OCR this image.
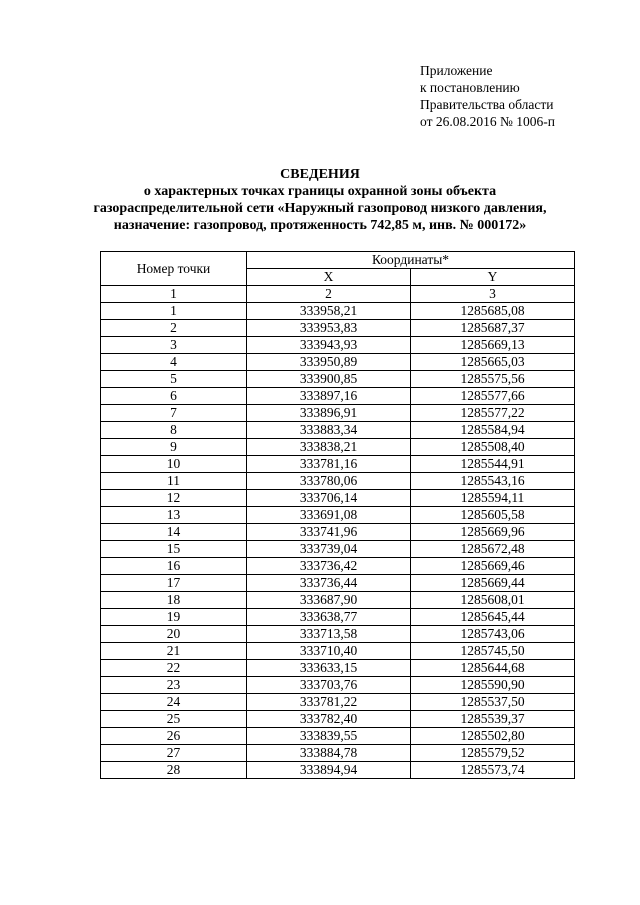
Приложение
к постановлению
Правительства области
от 26.08.2016 № 1006-п
СВЕДЕНИЯ
о характерных точках границы охранной зоны объекта
газораспределительной сети «Наружный газопровод низкого давления,
назначение: газопровод, протяженность 742,85 м, инв. № 000172»
Номер точки	Координаты*	
	X	Y
1	2	3
1	333958,21	1285685,08
2	333953,83	1285687,37
3	333943,93	1285669,13
4	333950,89	1285665,03
5	333900,85	1285575,56
6	333897,16	1285577,66
7	333896,91	1285577,22
8	333883,34	1285584,94
9	333838,21	1285508,40
10	333781,16	1285544,91
11	333780,06	1285543,16
12	333706,14	1285594,11
13	333691,08	1285605,58
14	333741,96	1285669,96
15	333739,04	1285672,48
16	333736,42	1285669,46
17	333736,44	1285669,44
18	333687,90	1285608,01
19	333638,77	1285645,44
20	333713,58	1285743,06
21	333710,40	1285745,50
22	333633,15	1285644,68
23	333703,76	1285590,90
24	333781,22	1285537,50
25	333782,40	1285539,37
26	333839,55	1285502,80
27	333884,78	1285579,52
28	333894,94	1285573,74
